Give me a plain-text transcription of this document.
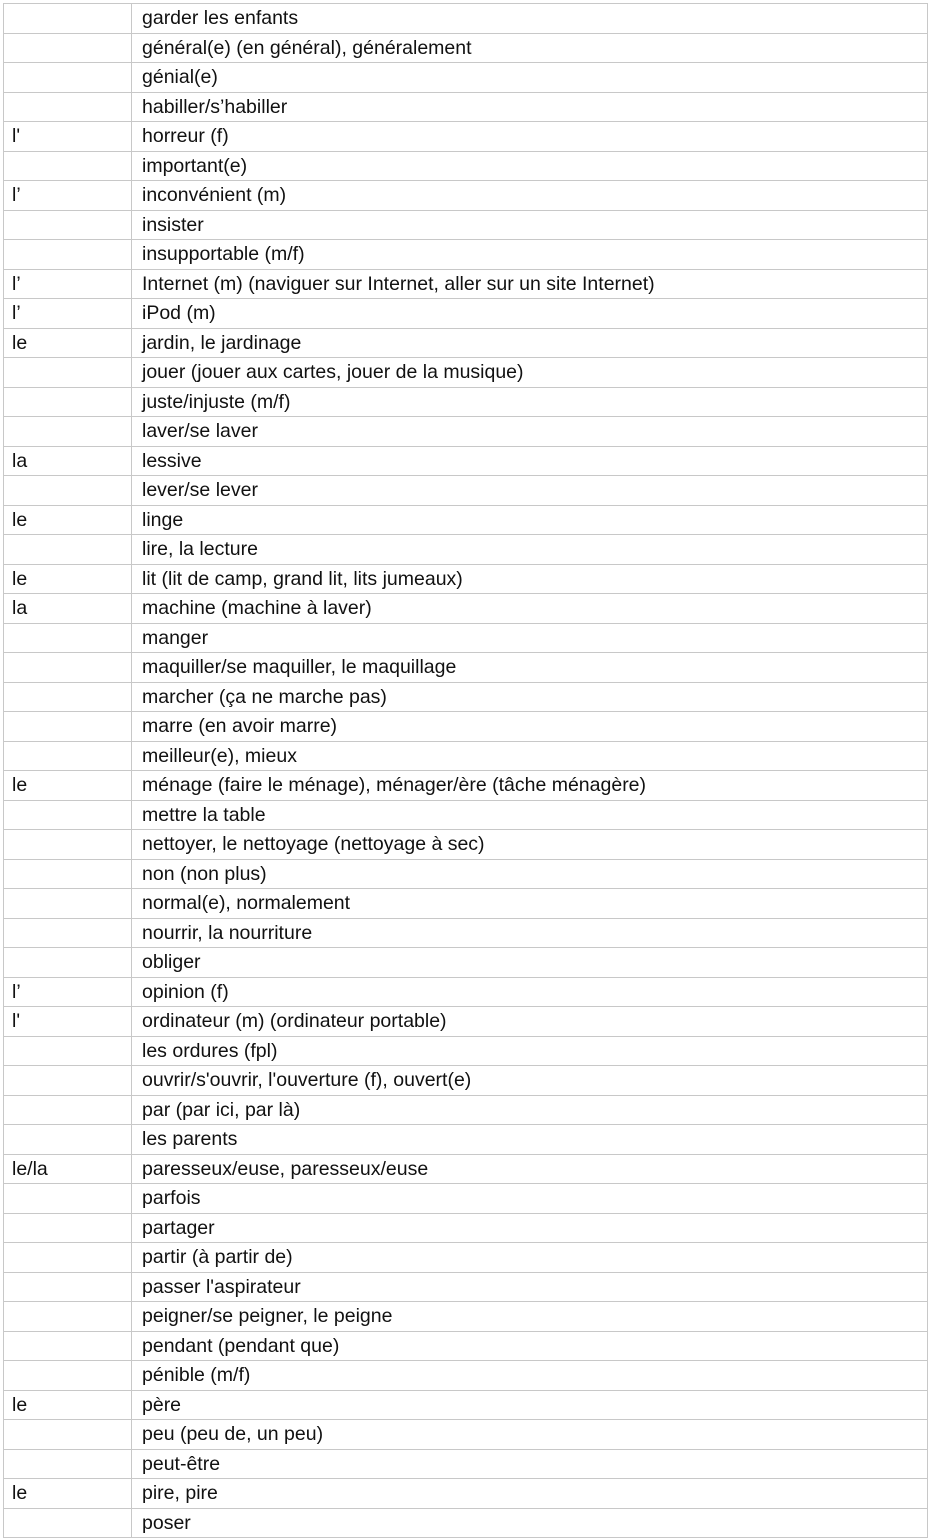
	garder les enfants
	général(e) (en général), généralement
	génial(e)
	habiller/s’habiller
l'	horreur (f)
	important(e)
l’	inconvénient (m)
	insister
	insupportable (m/f)
l’	Internet (m) (naviguer sur Internet, aller sur un site Internet)
l’	iPod (m)
le	jardin, le jardinage
	jouer (jouer aux cartes, jouer de la musique)
	juste/injuste (m/f)
	laver/se laver
la	lessive
	lever/se lever
le	linge
	lire, la lecture
le	lit (lit de camp, grand lit, lits jumeaux)
la	machine (machine à laver)
	manger
	maquiller/se maquiller, le maquillage
	marcher (ça ne marche pas)
	marre (en avoir marre)
	meilleur(e), mieux
le	ménage (faire le ménage), ménager/ère (tâche ménagère)
	mettre la table
	nettoyer, le nettoyage (nettoyage à sec)
	non (non plus)
	normal(e), normalement
	nourrir, la nourriture
	obliger
l’	opinion (f)
l'	ordinateur (m) (ordinateur portable)
	les ordures (fpl)
	ouvrir/s'ouvrir, l'ouverture (f), ouvert(e)
	par (par ici, par là)
	les parents
le/la	paresseux/euse, paresseux/euse
	parfois
	partager
	partir (à partir de)
	passer l'aspirateur
	peigner/se peigner, le peigne
	pendant (pendant que)
	pénible (m/f)
le	père
	peu (peu de, un peu)
	peut-être
le	pire, pire
	poser
